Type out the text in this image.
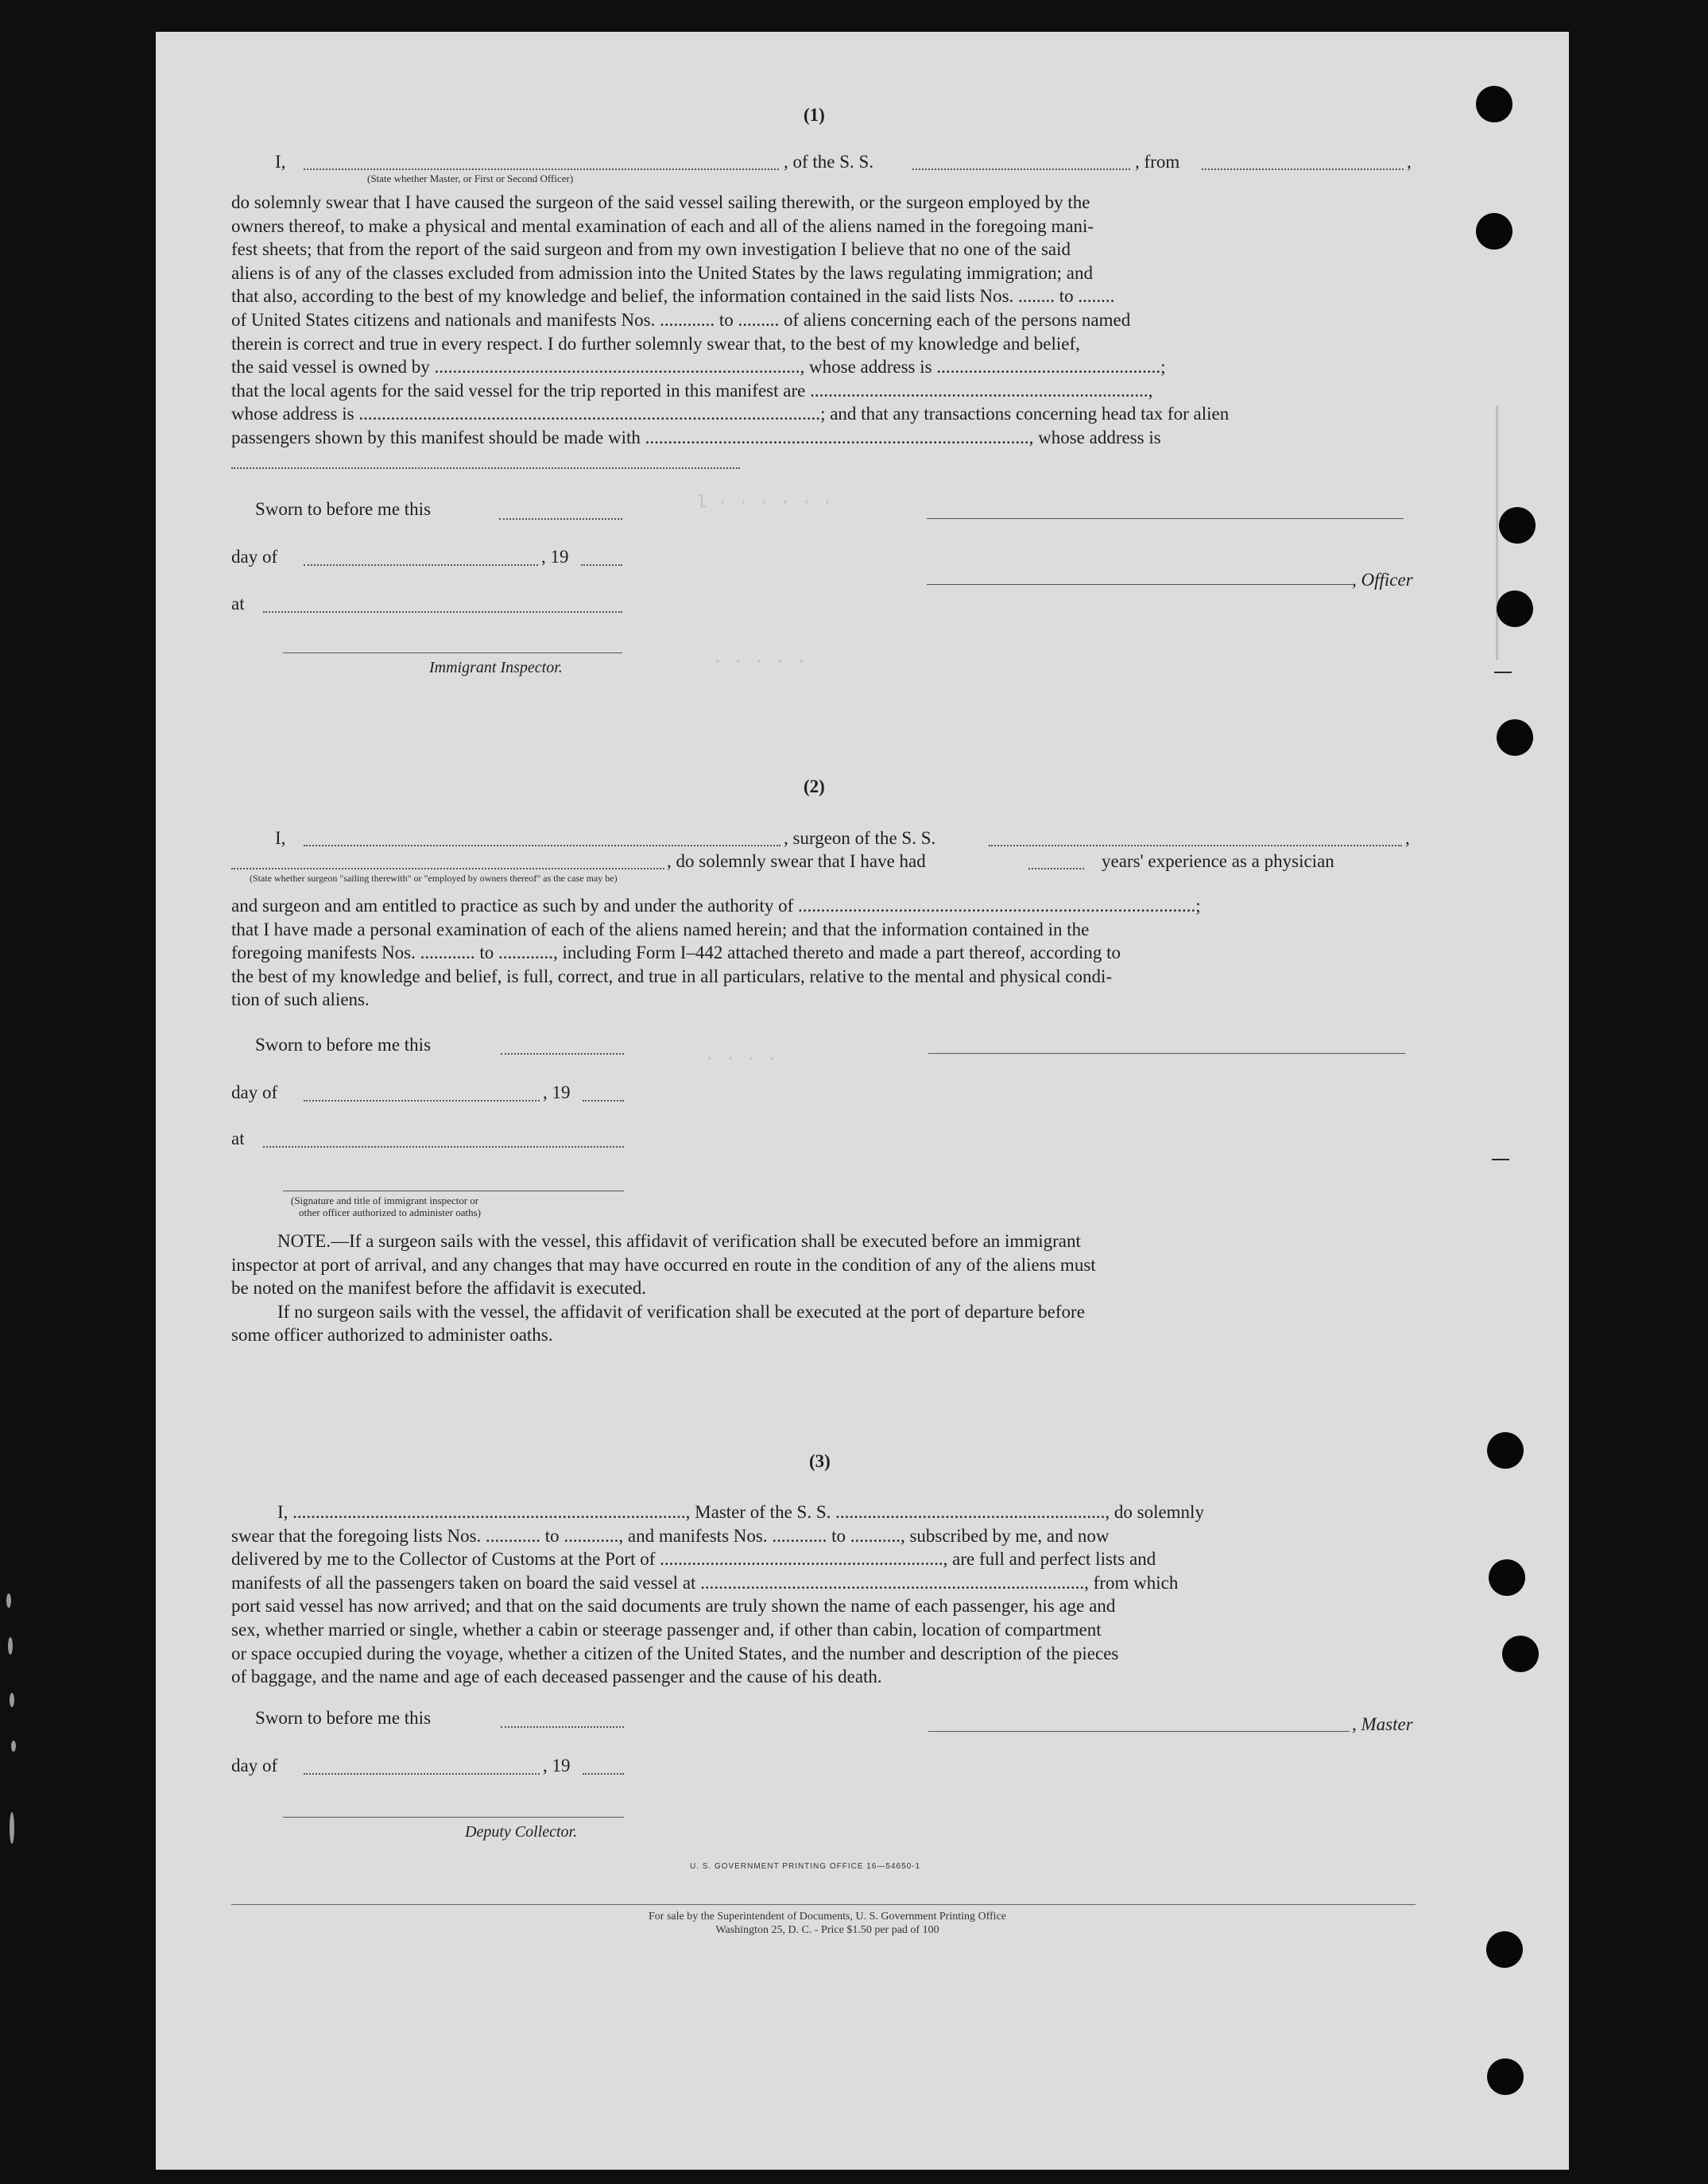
l · · · · · ·
· · · · ·
· · · ·
(1)
I,	, of the S. S.	, from	,
(State whether Master, or First or Second Officer)
do solemnly swear that I have caused the surgeon of the said vessel sailing therewith, or the surgeon employed by the
owners thereof, to make a physical and mental examination of each and all of the aliens named in the foregoing mani-
fest sheets; that from the report of the said surgeon and from my own investigation I believe that no one of the said
aliens is of any of the classes excluded from admission into the United States by the laws regulating immigration; and
that also, according to the best of my knowledge and belief, the information contained in the said lists Nos. ........ to ........
of United States citizens and nationals and manifests Nos. ............ to ......... of aliens concerning each of the persons named
therein is correct and true in every respect. I do further solemnly swear that, to the best of my knowledge and belief,
the said vessel is owned by ................................................................................, whose address is .................................................;
that the local agents for the said vessel for the trip reported in this manifest are ..........................................................................,
whose address is .....................................................................................................; and that any transactions concerning head tax for alien
passengers shown by this manifest should be made with ...................................................................................., whose address is
Sworn to before me this
day of	, 19
at
Immigrant Inspector.
, Officer
(2)
I,	, surgeon of the S. S.	,
, do solemnly swear that I have had	years' experience as a physician
(State whether surgeon "sailing therewith" or "employed by owners thereof" as the case may be)
and surgeon and am entitled to practice as such by and under the authority of .......................................................................................;
that I have made a personal examination of each of the aliens named herein; and that the information contained in the
foregoing manifests Nos. ............ to ............, including Form I–442 attached thereto and made a part thereof, according to
the best of my knowledge and belief, is full, correct, and true in all particulars, relative to the mental and physical condi-
tion of such aliens.
Sworn to before me this
day of	, 19
at
(Signature and title of immigrant inspector or
other officer authorized to administer oaths)
NOTE.—If a surgeon sails with the vessel, this affidavit of verification shall be executed before an immigrant
inspector at port of arrival, and any changes that may have occurred en route in the condition of any of the aliens must
be noted on the manifest before the affidavit is executed.
If no surgeon sails with the vessel, the affidavit of verification shall be executed at the port of departure before
some officer authorized to administer oaths.
(3)
I, ......................................................................................, Master of the S. S. ..........................................................., do solemnly
swear that the foregoing lists Nos. ............ to ............, and manifests Nos. ............ to ..........., subscribed by me, and now
delivered by me to the Collector of Customs at the Port of .............................................................., are full and perfect lists and
manifests of all the passengers taken on board the said vessel at ...................................................................................., from which
port said vessel has now arrived; and that on the said documents are truly shown the name of each passenger, his age and
sex, whether married or single, whether a cabin or steerage passenger and, if other than cabin, location of compartment
or space occupied during the voyage, whether a citizen of the United States, and the number and description of the pieces
of baggage, and the name and age of each deceased passenger and the cause of his death.
Sworn to before me this	, Master
day of	, 19
Deputy Collector.
U. S. GOVERNMENT PRINTING OFFICE 16—54650-1
For sale by the Superintendent of Documents, U. S. Government Printing Office
Washington 25, D. C. - Price $1.50 per pad of 100
